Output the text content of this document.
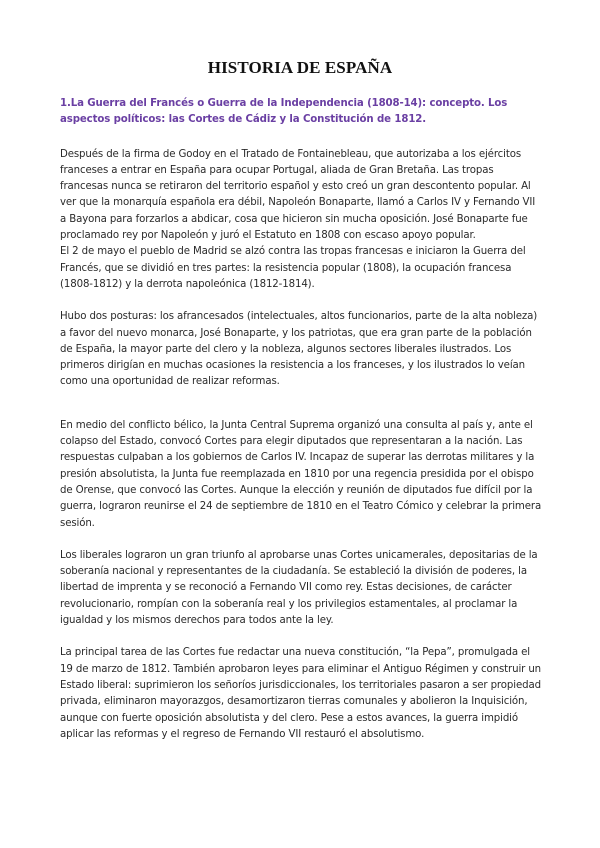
HISTORIA DE ESPAÑA

1.La Guerra del Francés o Guerra de la Independencia (1808-14): concepto. Los aspectos políticos: las Cortes de Cádiz y la Constitución de 1812.

Después de la firma de Godoy en el Tratado de Fontainebleau, que autorizaba a los ejércitos franceses a entrar en España para ocupar Portugal, aliada de Gran Bretaña. Las tropas francesas nunca se retiraron del territorio español y esto creó un gran descontento popular. Al ver que la monarquía española era débil, Napoleón Bonaparte, llamó a Carlos IV y Fernando VII a Bayona para forzarlos a abdicar, cosa que hicieron sin mucha oposición. José Bonaparte fue proclamado rey por Napoleón y juró el Estatuto en 1808 con escaso apoyo popular.

El 2 de mayo el pueblo de Madrid se alzó contra las tropas francesas e iniciaron la Guerra del Francés, que se dividió en tres partes: la resistencia popular (1808), la ocupación francesa (1808-1812) y la derrota napoleónica (1812-1814).

Hubo dos posturas: los afrancesados (intelectuales, altos funcionarios, parte de la alta nobleza) a favor del nuevo monarca, José Bonaparte, y los patriotas, que era gran parte de la población de España, la mayor parte del clero y la nobleza, algunos sectores liberales ilustrados. Los primeros dirigían en muchas ocasiones la resistencia a los franceses, y los ilustrados lo veían como una oportunidad de realizar reformas.

En medio del conflicto bélico, la Junta Central Suprema organizó una consulta al país y, ante el colapso del Estado, convocó Cortes para elegir diputados que representaran a la nación. Las respuestas culpaban a los gobiernos de Carlos IV. Incapaz de superar las derrotas militares y la presión absolutista, la Junta fue reemplazada en 1810 por una regencia presidida por el obispo de Orense, que convocó las Cortes. Aunque la elección y reunión de diputados fue difícil por la guerra, lograron reunirse el 24 de septiembre de 1810 en el Teatro Cómico y celebrar la primera sesión.

Los liberales lograron un gran triunfo al aprobarse unas Cortes unicamerales, depositarias de la soberanía nacional y representantes de la ciudadanía. Se estableció la división de poderes, la libertad de imprenta y se reconoció a Fernando VII como rey. Estas decisiones, de carácter revolucionario, rompían con la soberanía real y los privilegios estamentales, al proclamar la igualdad y los mismos derechos para todos ante la ley.

La principal tarea de las Cortes fue redactar una nueva constitución, “la Pepa”, promulgada el 19 de marzo de 1812. También aprobaron leyes para eliminar el Antiguo Régimen y construir un Estado liberal: suprimieron los señoríos jurisdiccionales, los territoriales pasaron a ser propiedad privada, eliminaron mayorazgos, desamortizaron tierras comunales y abolieron la Inquisición, aunque con fuerte oposición absolutista y del clero. Pese a estos avances, la guerra impidió aplicar las reformas y el regreso de Fernando VII restauró el absolutismo.
